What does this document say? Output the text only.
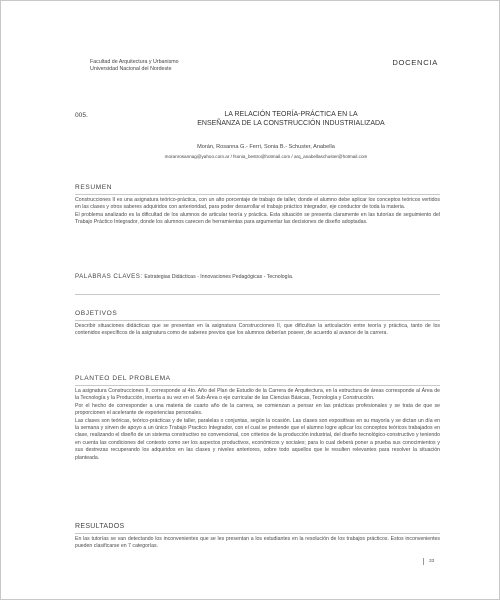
Facultad de Arquitectura y Urbanismo
Universidad Nacional del Nordeste
DOCENCIA
005.	LA RELACIÓN TEORÍA-PRÁCTICA EN LA
ENSEÑANZA DE LA CONSTRUCCIÓN INDUSTRIALIZADA
Morán, Rosanna G.- Ferri, Sonia B.- Schuster, Anabella
moranrosannag@yahoo.com.ar / fsonia_bestro@hotmail.com / arq_anabellaschuster@hotmail.com
RESUMEN

Construcciones II es una asignatura teórico-práctica, con un alto porcentaje de trabajo de taller, donde el alumno debe aplicar los conceptos teóricos vertidos en las clases y otros saberes adquiridos con anterioridad, para poder desarrollar el trabajo práctico integrador, eje conductor de toda la materia.

El problema analizado es la dificultad de los alumnos de articular teoría y práctica. Esta situación se presenta claramente en las tutorías de seguimiento del Trabajo Práctico Integrador, donde los alumnos carecen de herramientas para argumentar las decisiones de diseño adoptadas.

PALABRAS CLAVES: Estrategias Didácticas - Innovaciones Pedagógicas - Tecnología.
OBJETIVOS

Describir situaciones didácticas que se presentan en la asignatura Construcciones II, que dificultan la articulación entre teoría y práctica, tanto de los contenidos específicos de la asignatura como de saberes previos que los alumnos deberían poseer, de acuerdo al avance de la carrera.

PLANTEO DEL PROBLEMA

La asignatura Construcciones II, corresponde al 4to. Año del Plan de Estudio de la Carrera de Arquitectura, en la estructura de áreas corresponde al Área de la Tecnología y la Producción, inserta a su vez en el Sub-Área o eje curricular de las Ciencias Básicas, Tecnología y Construcción.

Por el hecho de corresponder a una materia de cuarto año de la carrera, se comienzan a pensar en las prácticas profesionales y se trata de que se proporcionen el acelerante de experiencias personales.

Las clases son teóricas, teórico-prácticas y de taller, paralelas o conjuntas, según la ocasión. Las clases son expositivas en su mayoría y se dictan un día en la semana y sirven de apoyo a un único Trabajo Practico Integrador, con el cual se pretende que el alumno logre aplicar los conceptos teóricos trabajados en clase, realizando el diseño de un sistema constructivo no convencional, con criterios de la producción industrial, del diseño tecnológico-constructivo y teniendo en cuenta las condiciones del contexto como ser los aspectos productivos, económicos y sociales; para lo cual deberá poner a prueba sus conocimientos y sus destrezas recuperando los adquiridos en las clases y niveles anteriores, sobre todo aquellos que le resulten relevantes para resolver la situación planteada.

RESULTADOS

En las tutorías se van detectando los inconvenientes que se les presentan a los estudiantes en la resolución de los trabajos prácticos. Estos inconvenientes pueden clasificarse en 7 categorías.

33
